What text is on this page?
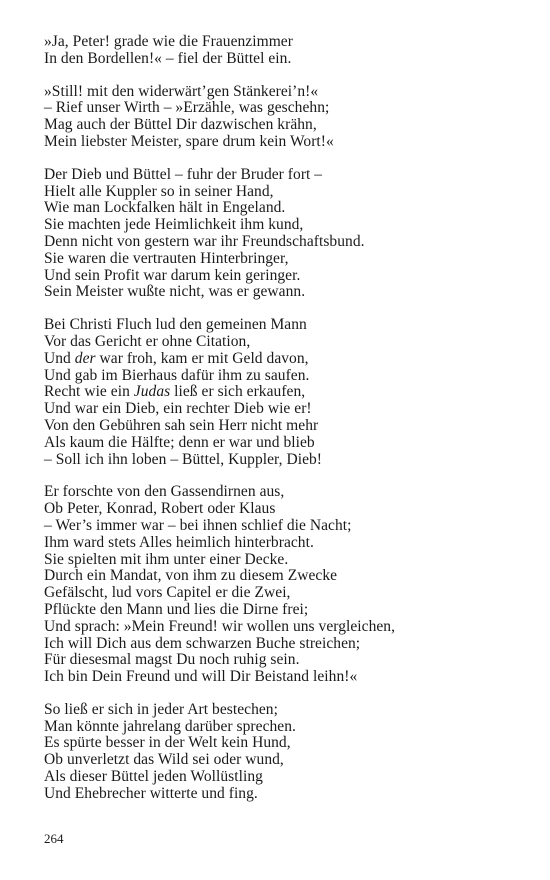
»Ja, Peter! grade wie die Frauenzimmer
In den Bordellen!« – fiel der Büttel ein.
»Still! mit den widerwärt’gen Stänkerei’n!«
– Rief unser Wirth – »Erzähle, was geschehn;
Mag auch der Büttel Dir dazwischen krähn,
Mein liebster Meister, spare drum kein Wort!«
Der Dieb und Büttel – fuhr der Bruder fort –
Hielt alle Kuppler so in seiner Hand,
Wie man Lockfalken hält in Engeland.
Sie machten jede Heimlichkeit ihm kund,
Denn nicht von gestern war ihr Freundschaftsbund.
Sie waren die vertrauten Hinterbringer,
Und sein Profit war darum kein geringer.
Sein Meister wußte nicht, was er gewann.
Bei Christi Fluch lud den gemeinen Mann
Vor das Gericht er ohne Citation,
Und der war froh, kam er mit Geld davon,
Und gab im Bierhaus dafür ihm zu saufen.
Recht wie ein Judas ließ er sich erkaufen,
Und war ein Dieb, ein rechter Dieb wie er!
Von den Gebühren sah sein Herr nicht mehr
Als kaum die Hälfte; denn er war und blieb
– Soll ich ihn loben – Büttel, Kuppler, Dieb!
Er forschte von den Gassendirnen aus,
Ob Peter, Konrad, Robert oder Klaus
– Wer’s immer war – bei ihnen schlief die Nacht;
Ihm ward stets Alles heimlich hinterbracht.
Sie spielten mit ihm unter einer Decke.
Durch ein Mandat, von ihm zu diesem Zwecke
Gefälscht, lud vors Capitel er die Zwei,
Pflückte den Mann und lies die Dirne frei;
Und sprach: »Mein Freund! wir wollen uns vergleichen,
Ich will Dich aus dem schwarzen Buche streichen;
Für diesesmal magst Du noch ruhig sein.
Ich bin Dein Freund und will Dir Beistand leihn!«
So ließ er sich in jeder Art bestechen;
Man könnte jahrelang darüber sprechen.
Es spürte besser in der Welt kein Hund,
Ob unverletzt das Wild sei oder wund,
Als dieser Büttel jeden Wollüstling
Und Ehebrecher witterte und fing.
264
